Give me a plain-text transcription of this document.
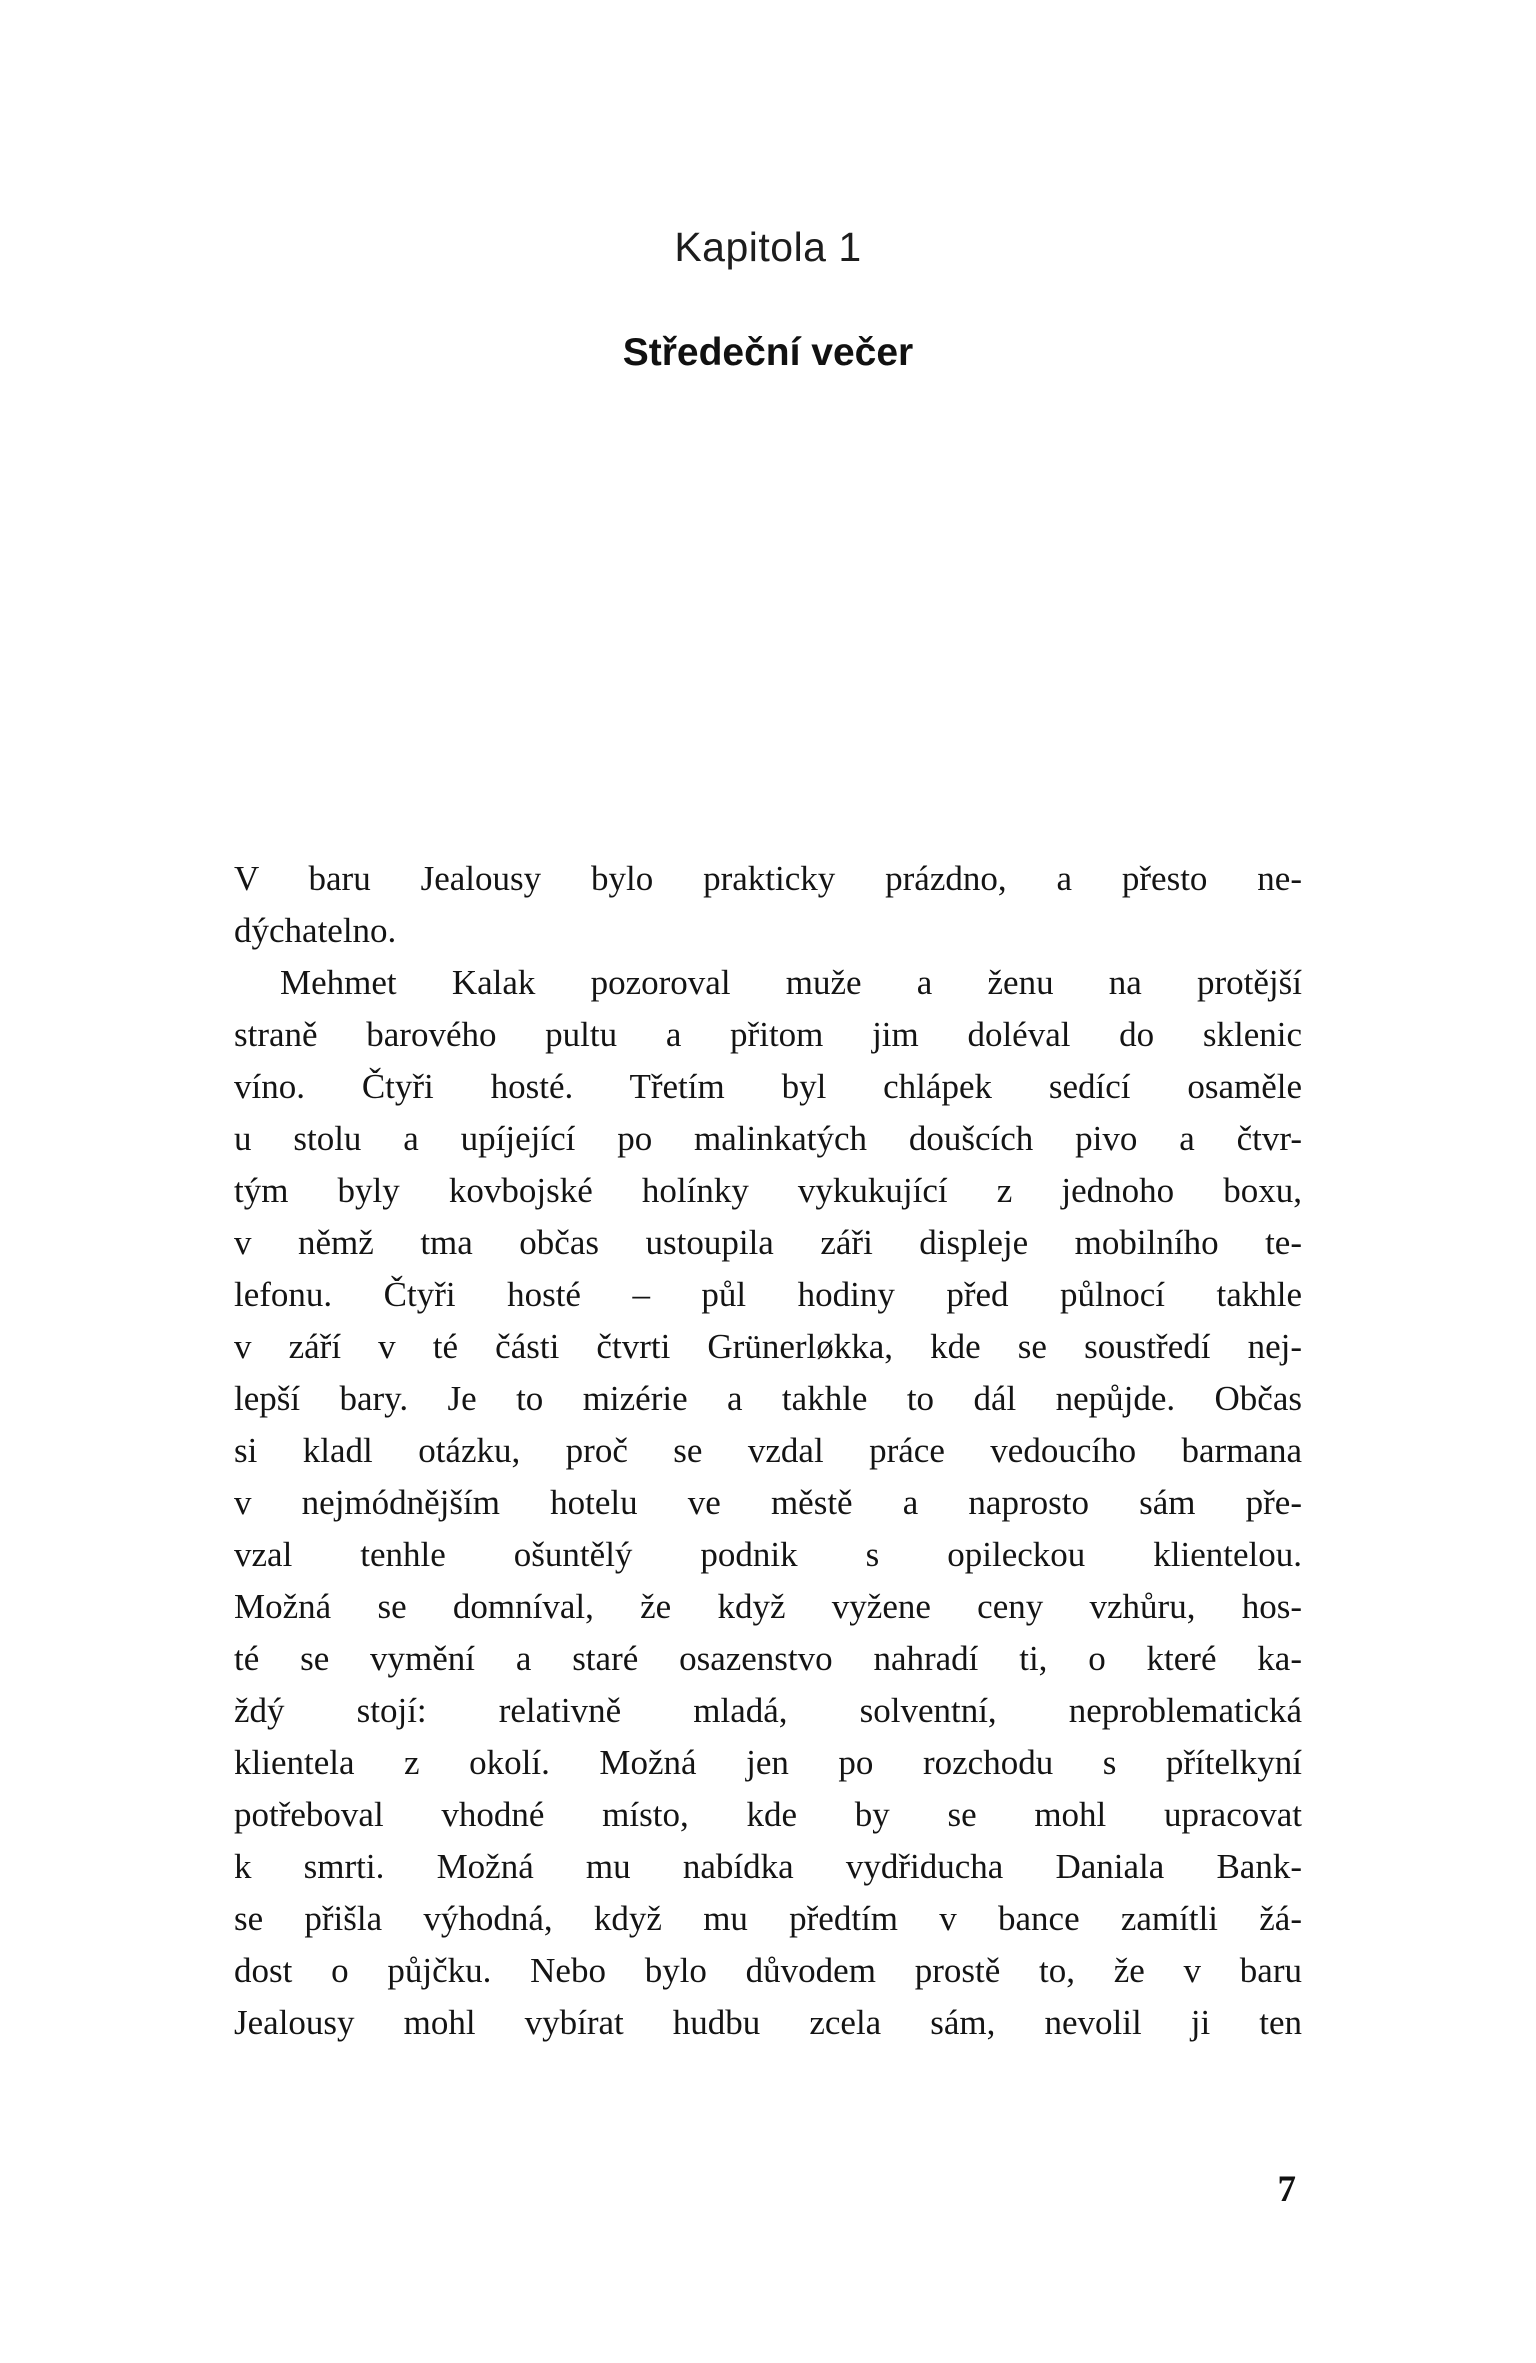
Kapitola 1
Středeční večer
V baru Jealousy bylo prakticky prázdno, a přesto ne-
dýchatelno.
Mehmet Kalak pozoroval muže a ženu na protější
straně barového pultu a přitom jim doléval do sklenic
víno. Čtyři hosté. Třetím byl chlápek sedící osaměle
u stolu a upíjející po malinkatých doušcích pivo a čtvr-
tým byly kovbojské holínky vykukující z jednoho boxu,
v němž tma občas ustoupila záři displeje mobilního te-
lefonu. Čtyři hosté – půl hodiny před půlnocí takhle
v září v té části čtvrti Grünerløkka, kde se soustředí nej-
lepší bary. Je to mizérie a takhle to dál nepůjde. Občas
si kladl otázku, proč se vzdal práce vedoucího barmana
v nejmódnějším hotelu ve městě a naprosto sám pře-
vzal tenhle ošuntělý podnik s opileckou klientelou.
Možná se domníval, že když vyžene ceny vzhůru, hos-
té se vymění a staré osazenstvo nahradí ti, o které ka-
ždý stojí: relativně mladá, solventní, neproblematická
klientela z okolí. Možná jen po rozchodu s přítelkyní
potřeboval vhodné místo, kde by se mohl upracovat
k smrti. Možná mu nabídka vydřiducha Daniala Bank-
se přišla výhodná, když mu předtím v bance zamítli žá-
dost o půjčku. Nebo bylo důvodem prostě to, že v baru
Jealousy mohl vybírat hudbu zcela sám, nevolil ji ten
7
